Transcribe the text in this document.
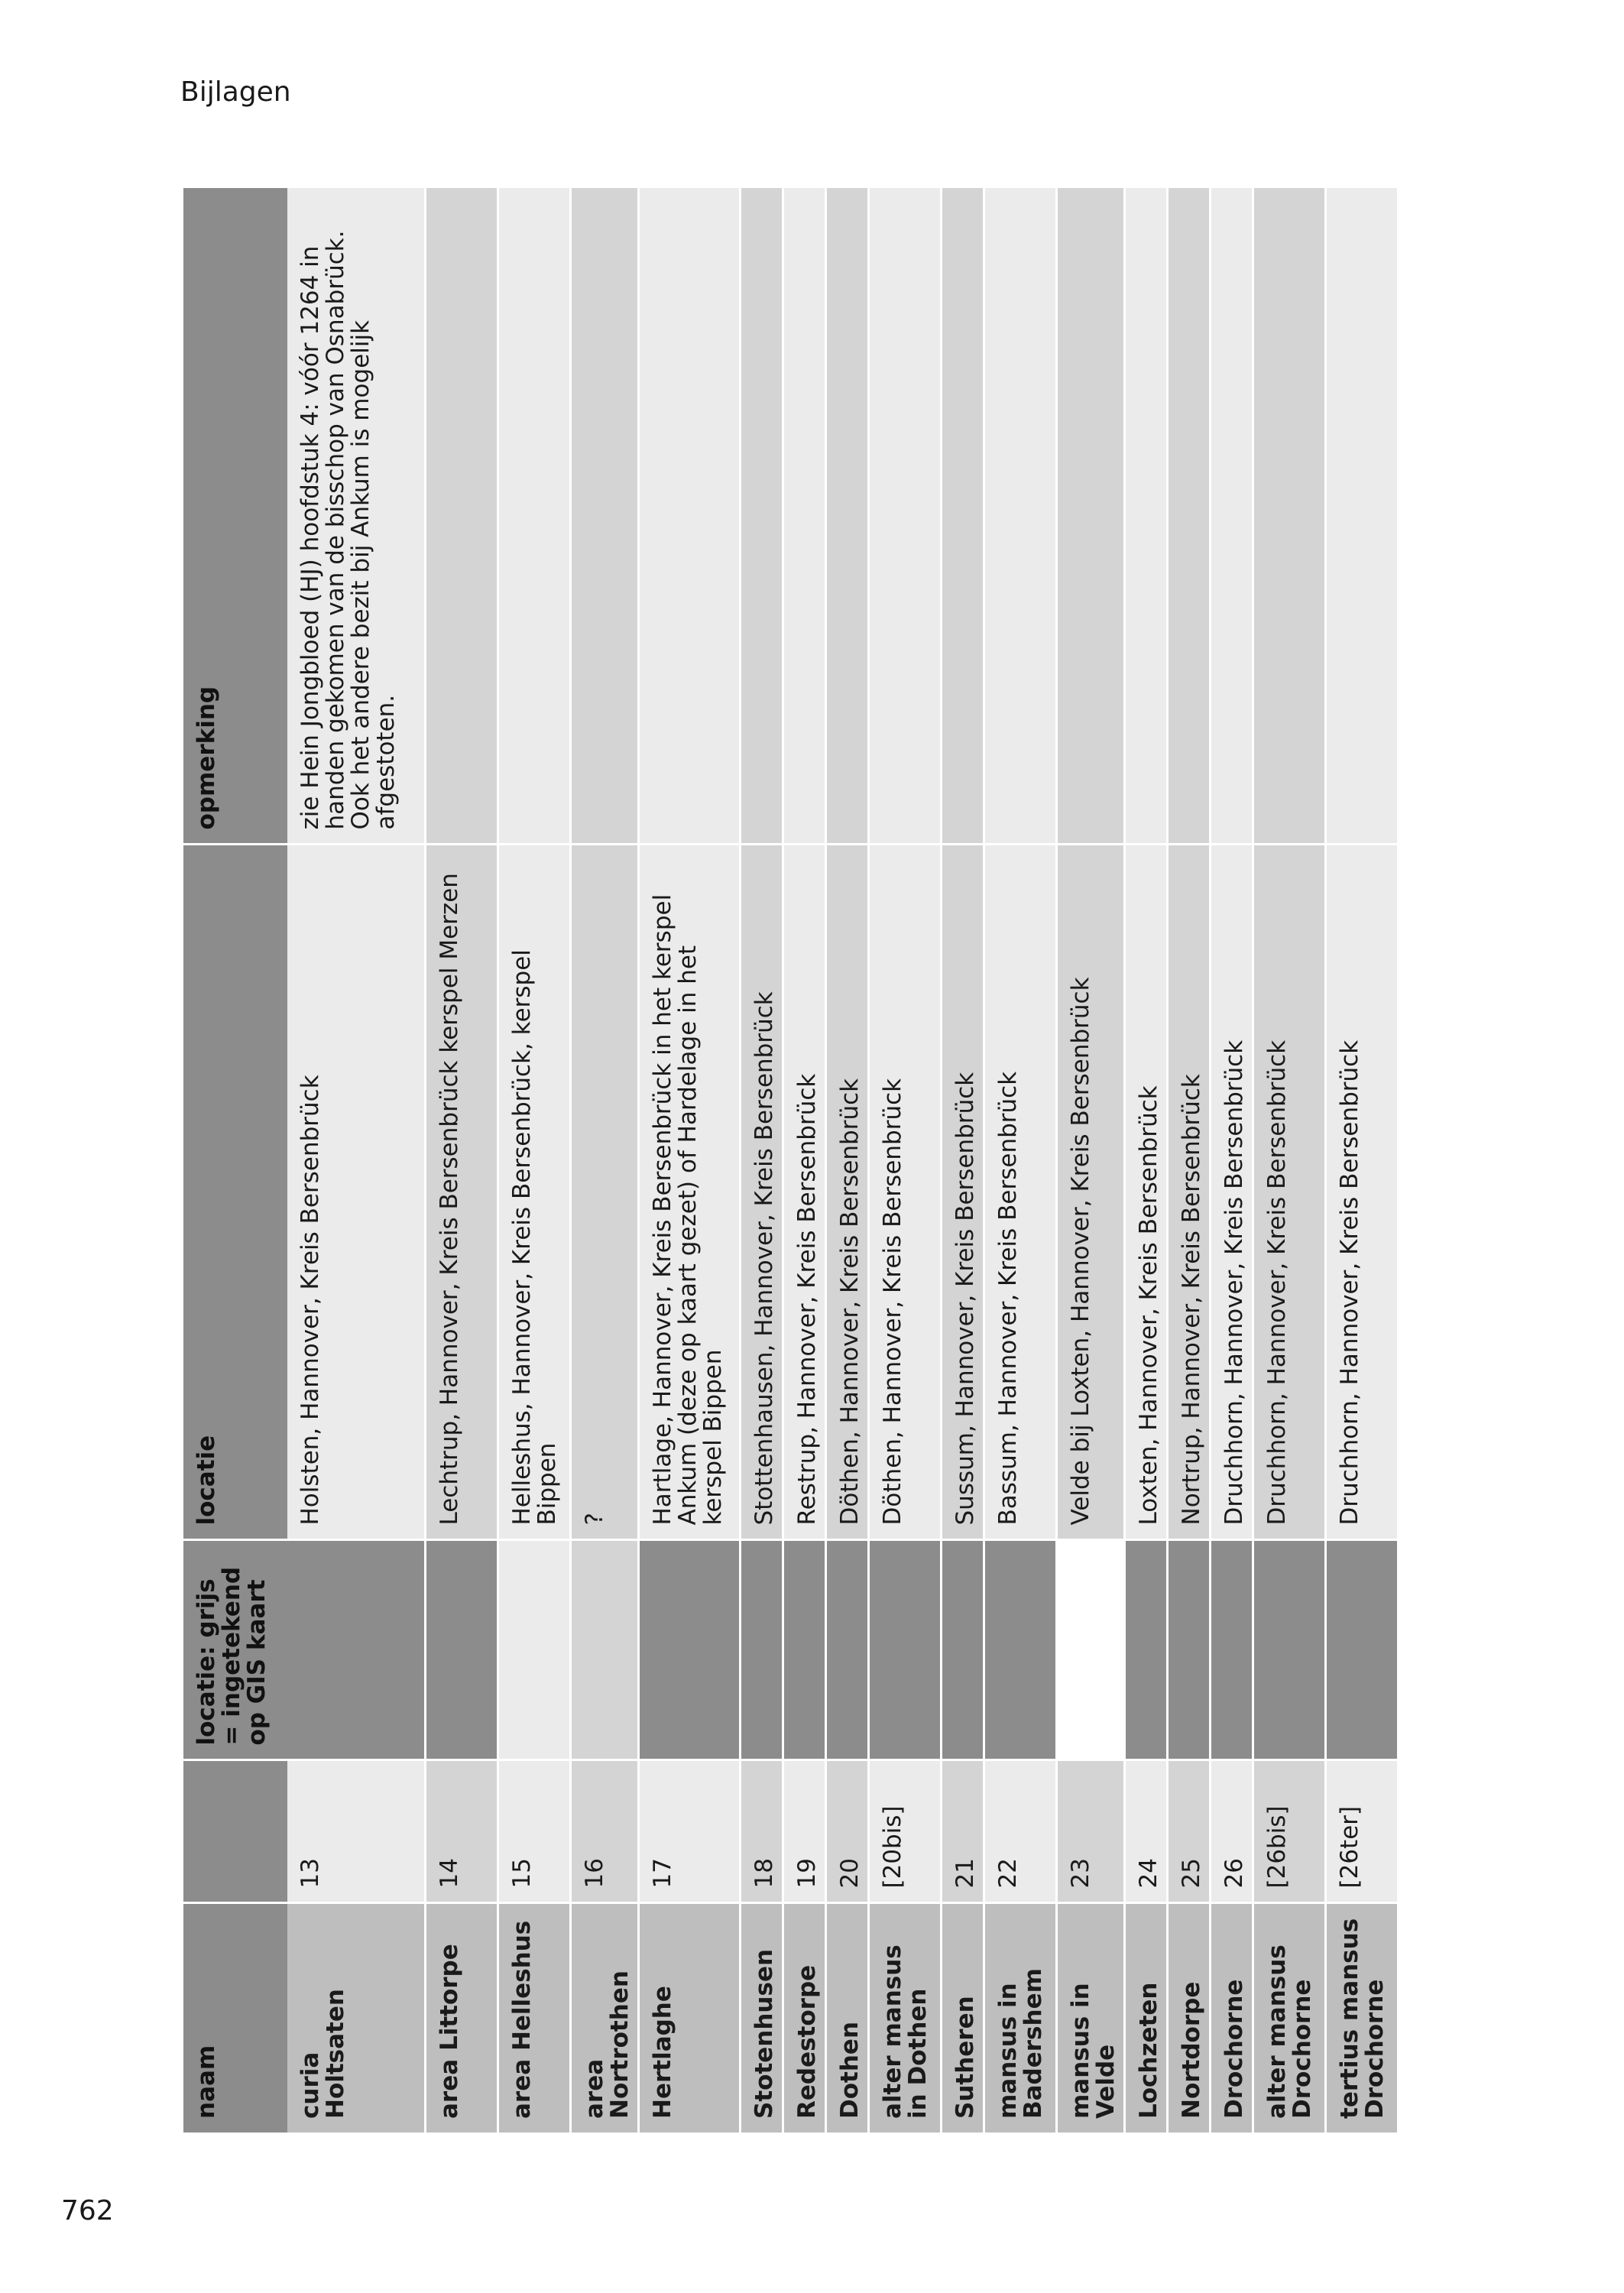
Bijlagen
naam		locatie: grijs = ingetekend op GIS kaart	locatie	opmerking
curia Holtsaten	13		Holsten, Hannover, Kreis Bersenbrück	zie Hein Jongbloed (HJ) hoofdstuk 4: vóór 1264 in handen gekomen van de bisschop van Osnabrück. Ook het andere bezit bij Ankum is mogelijk afgestoten.
area Littorpe	14		Lechtrup, Hannover, Kreis Bersenbrück kerspel Merzen	
area Helleshus	15		Helleshus, Hannover, Kreis Bersenbrück, kerspel Bippen	
area Nortrothen	16		?	
Hertlaghe	17		Hartlage, Hannover, Kreis Bersenbrück in het kerspel Ankum (deze op kaart gezet) of Hardelage in het kerspel Bippen	
Stotenhusen	18		Stottenhausen, Hannover, Kreis Bersenbrück	
Redestorpe	19		Restrup, Hannover, Kreis Bersenbrück	
Dothen	20		Döthen, Hannover, Kreis Bersenbrück	
alter mansus in Dothen	[20bis]		Döthen, Hannover, Kreis Bersenbrück	
Sutheren	21		Sussum, Hannover, Kreis Bersenbrück	
mansus in Badershem	22		Bassum, Hannover, Kreis Bersenbrück	
mansus in Velde	23		Velde bij Loxten, Hannover, Kreis Bersenbrück	
Lochzeten	24		Loxten, Hannover, Kreis Bersenbrück	
Nortdorpe	25		Nortrup, Hannover, Kreis Bersenbrück	
Drochorne	26		Druchhorn, Hannover, Kreis Bersenbrück	
alter mansus Drochorne	[26bis]		Druchhorn, Hannover, Kreis Bersenbrück	
tertius mansus Drochorne	[26ter]		Druchhorn, Hannover, Kreis Bersenbrück	
762
